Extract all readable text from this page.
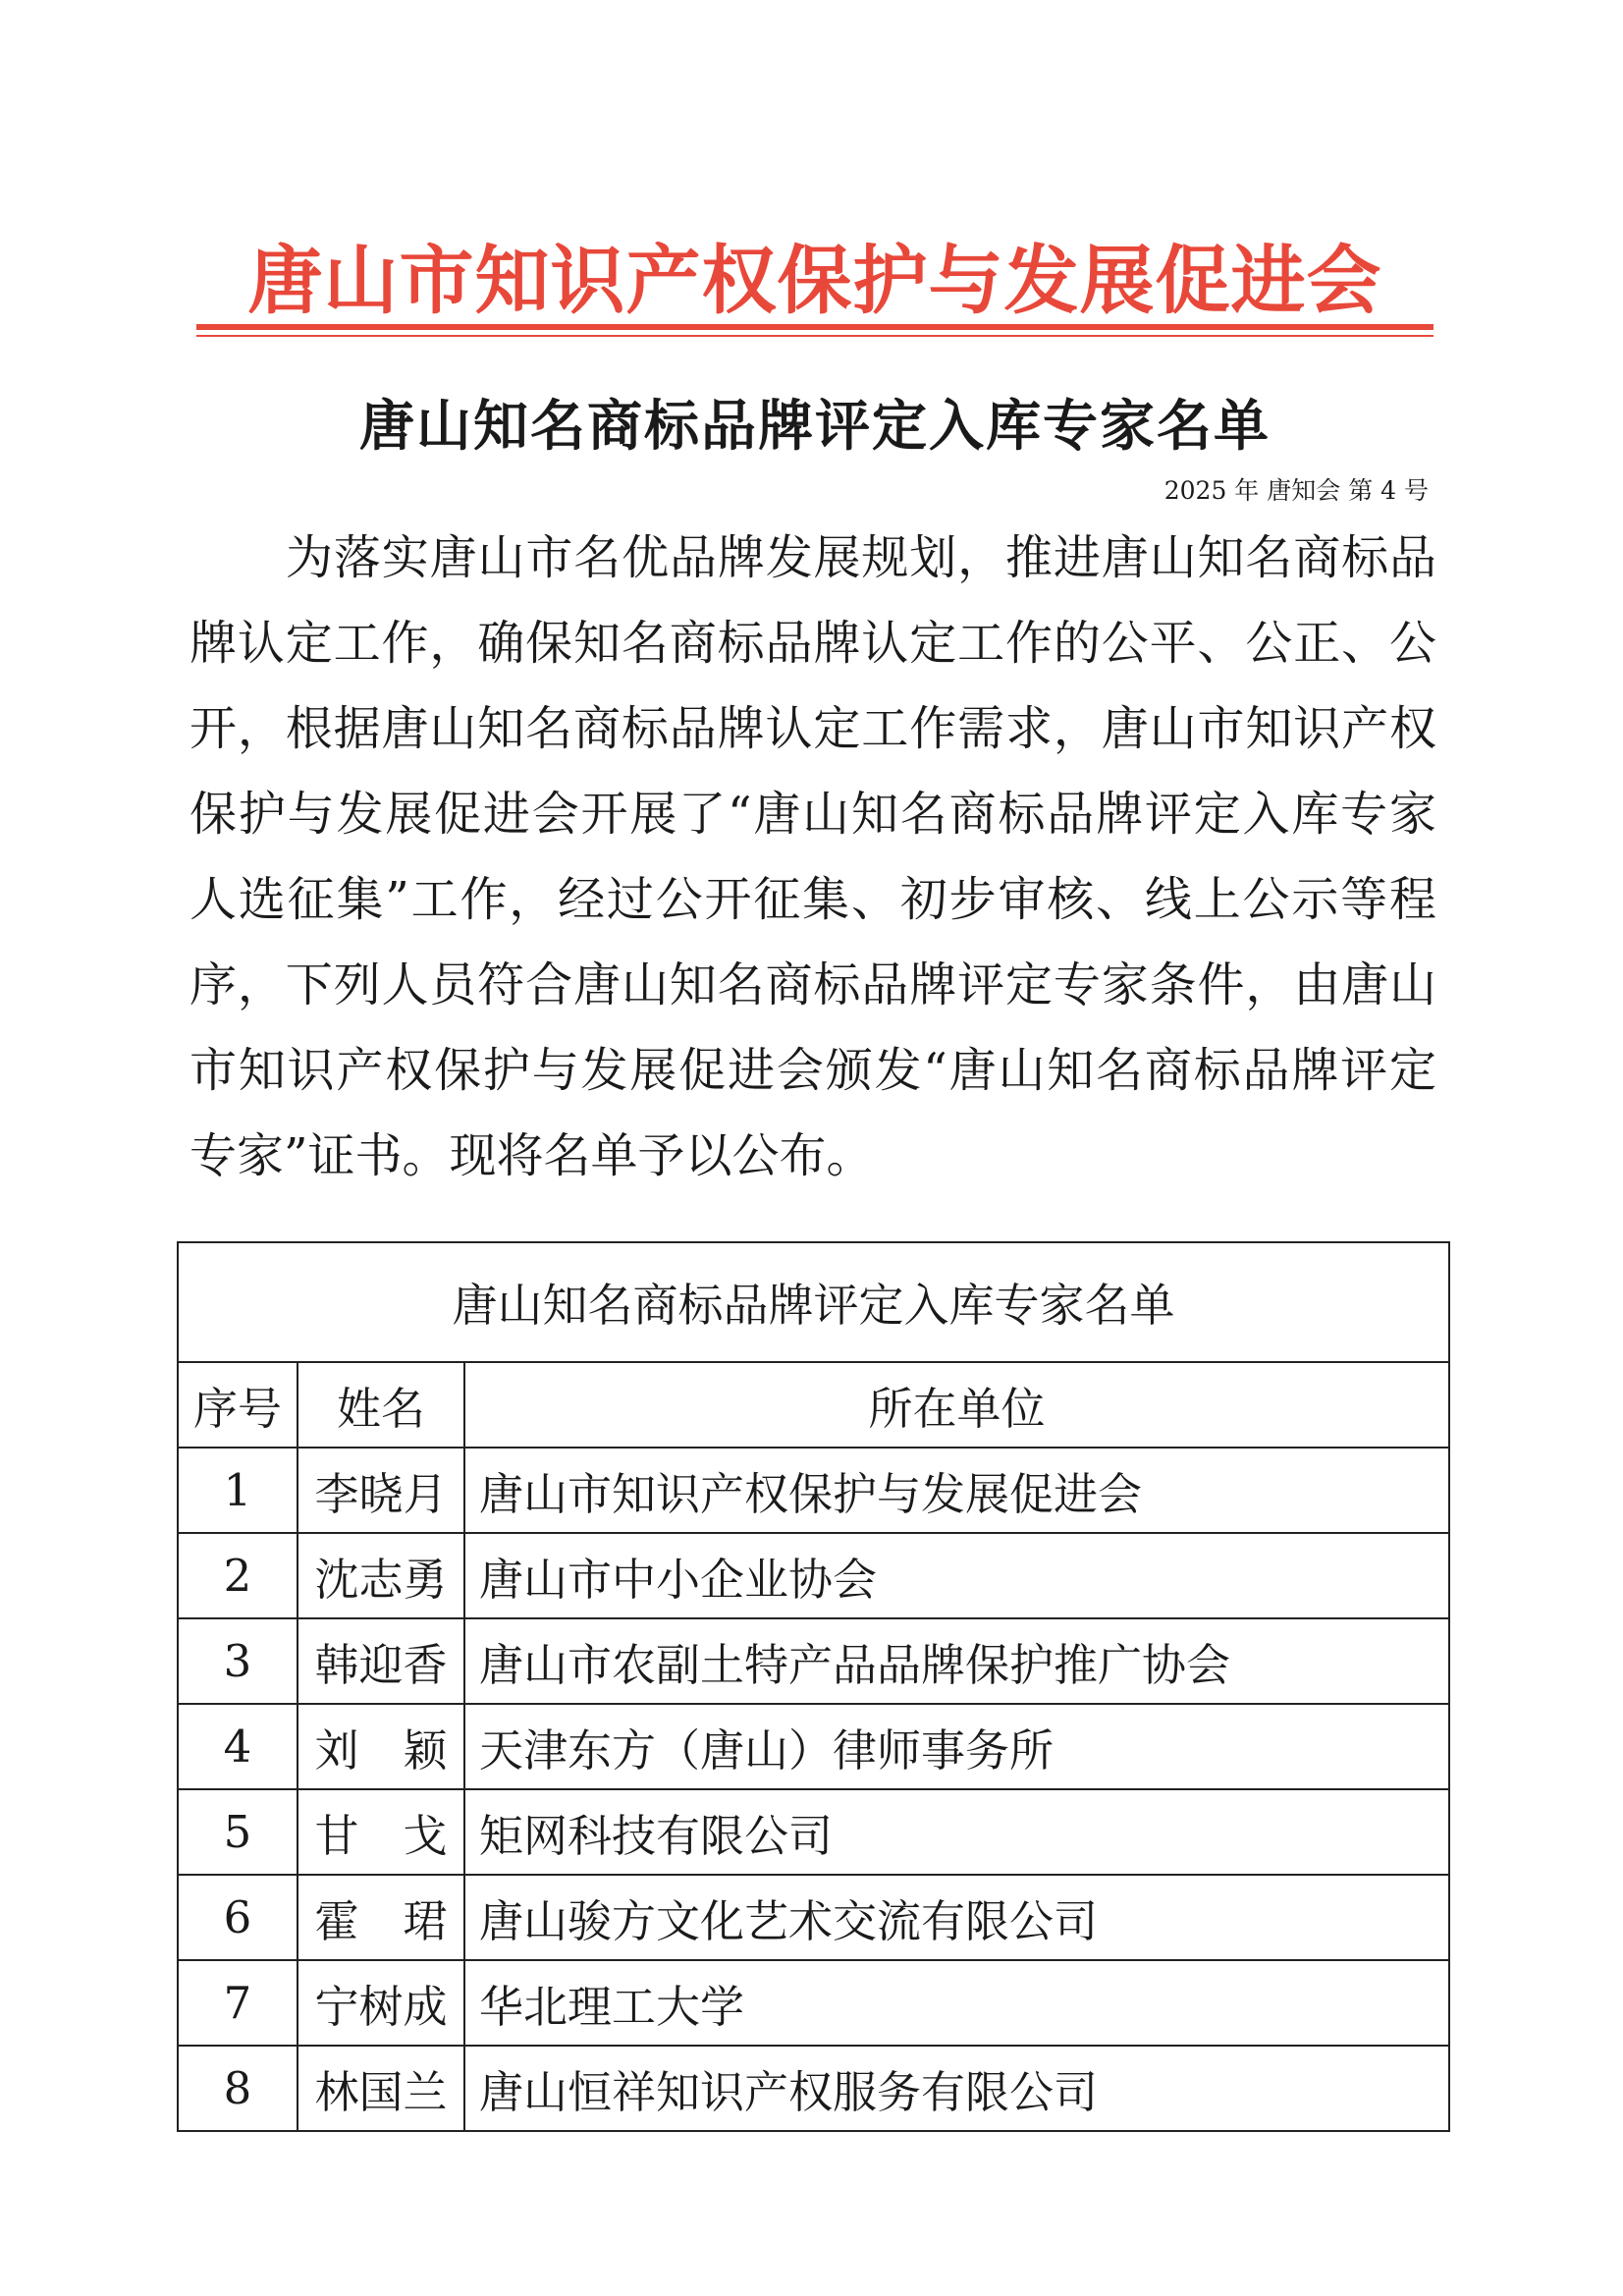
唐山市知识产权保护与发展促进会
唐山知名商标品牌评定入库专家名单
2025 年 唐知会 第 4 号
为落实唐山市名优品牌发展规划，推进唐山知名商标品牌认定工作，确保知名商标品牌认定工作的公平、公正、公开，根据唐山知名商标品牌认定工作需求，唐山市知识产权保护与发展促进会开展了“唐山知名商标品牌评定入库专家人选征集”工作，经过公开征集、初步审核、线上公示等程序，下列人员符合唐山知名商标品牌评定专家条件，由唐山市知识产权保护与发展促进会颁发“唐山知名商标品牌评定专家”证书。现将名单予以公布。
唐山知名商标品牌评定入库专家名单		
序号	姓名	所在单位
1	李晓月	唐山市知识产权保护与发展促进会
2	沈志勇	唐山市中小企业协会
3	韩迎香	唐山市农副土特产品品牌保护推广协会
4	刘　颖	天津东方（唐山）律师事务所
5	甘　戈	矩网科技有限公司
6	霍　珺	唐山骏方文化艺术交流有限公司
7	宁树成	华北理工大学
8	林国兰	唐山恒祥知识产权服务有限公司
